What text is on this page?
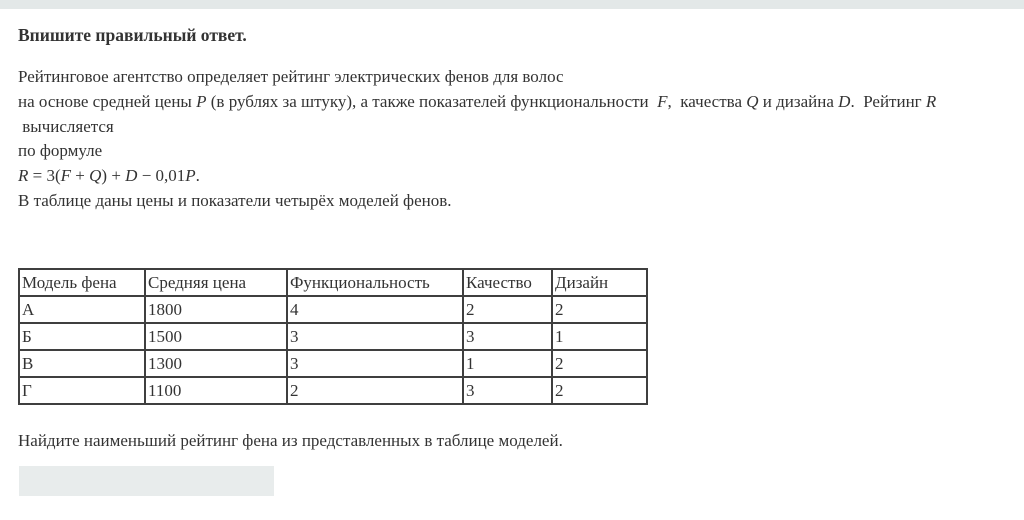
Впишите правильный ответ.
Рейтинговое агентство определяет рейтинг электрических фенов для волос
на основе средней цены P (в рублях за штуку), а также показателей функциональности  F,  качества Q и дизайна D.  Рейтинг R
вычисляется
по формуле
R = 3(F + Q) + D − 0,01P.
В таблице даны цены и показатели четырёх моделей фенов.
Модель фена	Средняя цена	Функциональность	Качество	Дизайн
А	1800	4	2	2
Б	1500	3	3	1
В	1300	3	1	2
Г	1100	2	3	2
Найдите наименьший рейтинг фена из представленных в таблице моделей.
